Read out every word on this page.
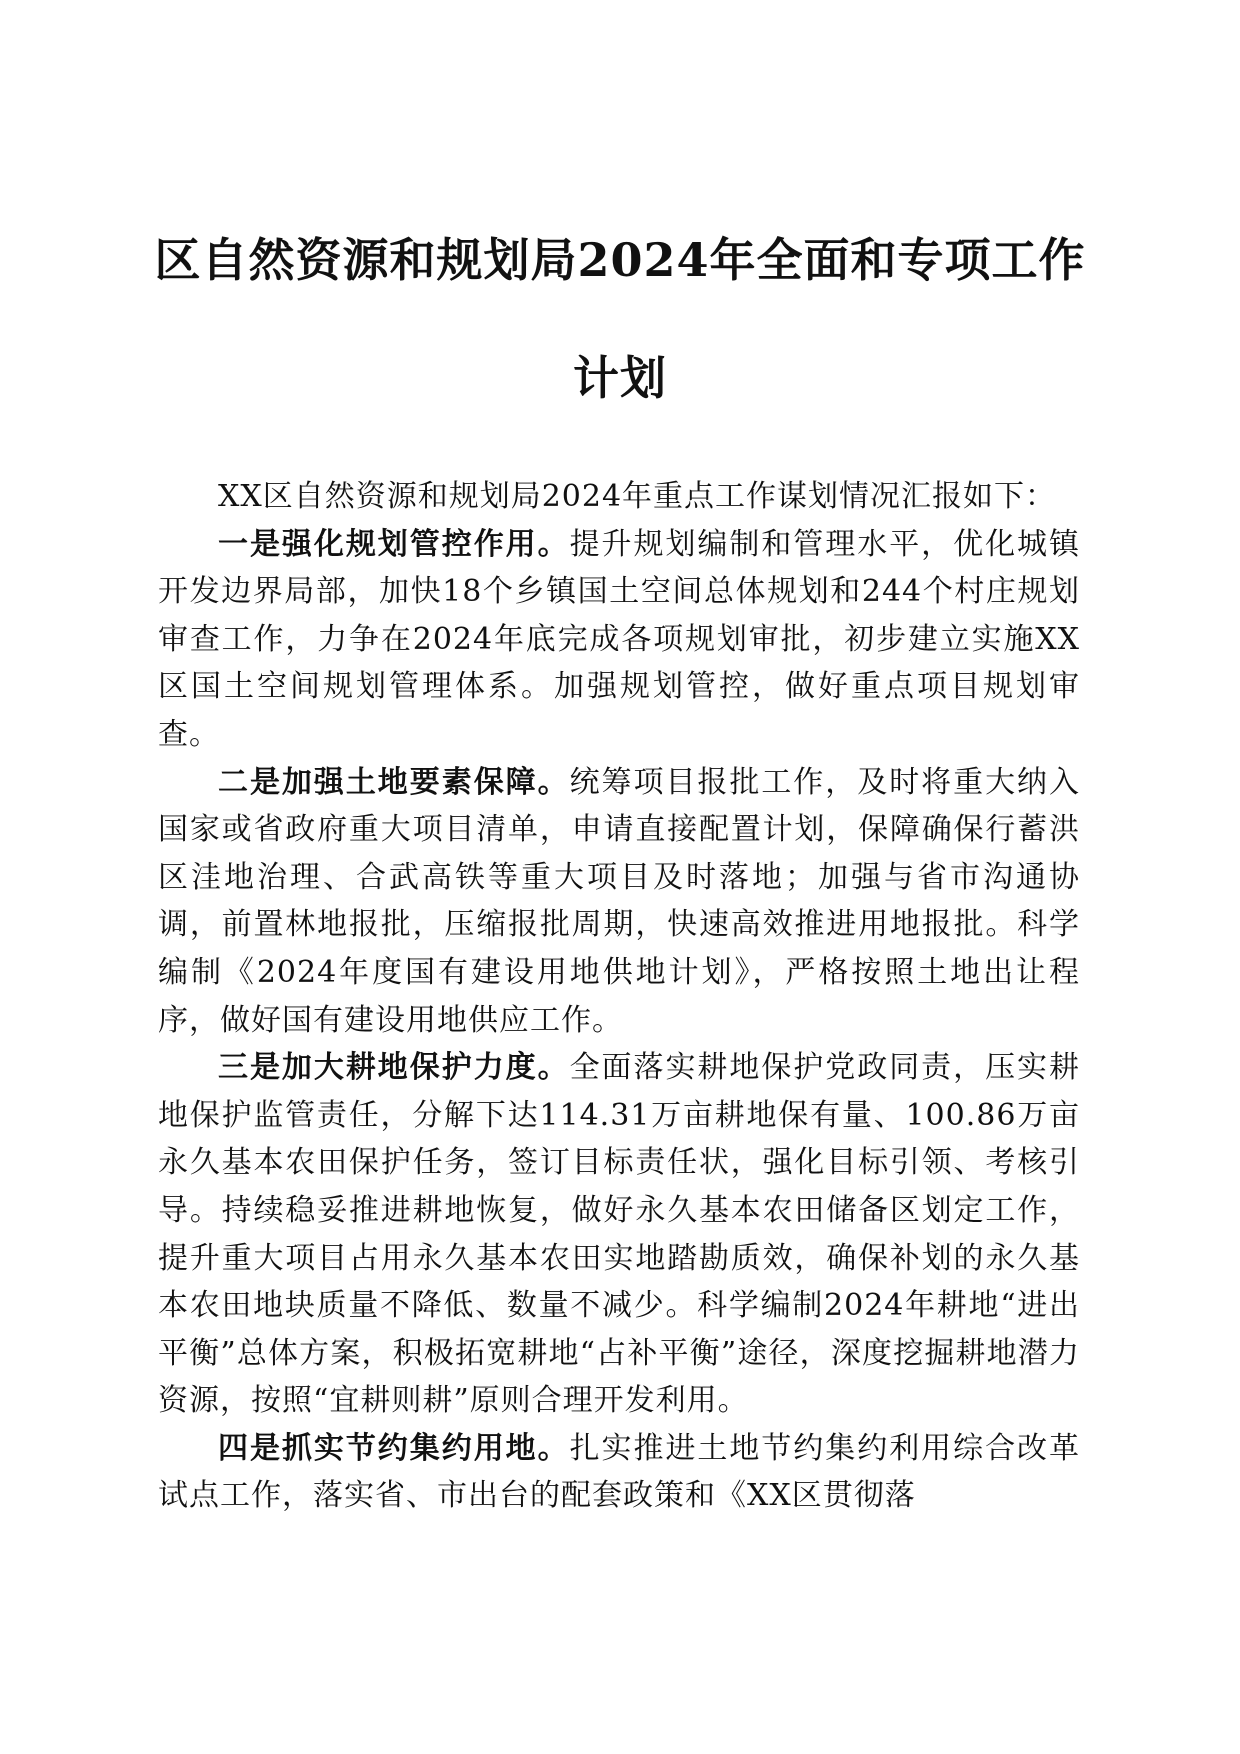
区自然资源和规划局2024年全面和专项工作
计划

XX区自然资源和规划局2024年重点工作谋划情况汇报如下：

一是强化规划管控作用。提升规划编制和管理水平，优化城镇开发边界局部，加快18个乡镇国土空间总体规划和244个村庄规划审查工作，力争在2024年底完成各项规划审批，初步建立实施XX区国土空间规划管理体系。加强规划管控，做好重点项目规划审查。

二是加强土地要素保障。统筹项目报批工作，及时将重大纳入国家或省政府重大项目清单，申请直接配置计划，保障确保行蓄洪区洼地治理、合武高铁等重大项目及时落地；加强与省市沟通协调，前置林地报批，压缩报批周期，快速高效推进用地报批。科学编制《2024年度国有建设用地供地计划》，严格按照土地出让程序，做好国有建设用地供应工作。

三是加大耕地保护力度。全面落实耕地保护党政同责，压实耕地保护监管责任，分解下达114.31万亩耕地保有量、100.86万亩永久基本农田保护任务，签订目标责任状，强化目标引领、考核引导。持续稳妥推进耕地恢复，做好永久基本农田储备区划定工作，提升重大项目占用永久基本农田实地踏勘质效，确保补划的永久基本农田地块质量不降低、数量不减少。科学编制2024年耕地“进出平衡”总体方案，积极拓宽耕地“占补平衡”途径，深度挖掘耕地潜力资源，按照“宜耕则耕”原则合理开发利用。

四是抓实节约集约用地。扎实推进土地节约集约利用综合改革试点工作，落实省、市出台的配套政策和《XX区贯彻落
